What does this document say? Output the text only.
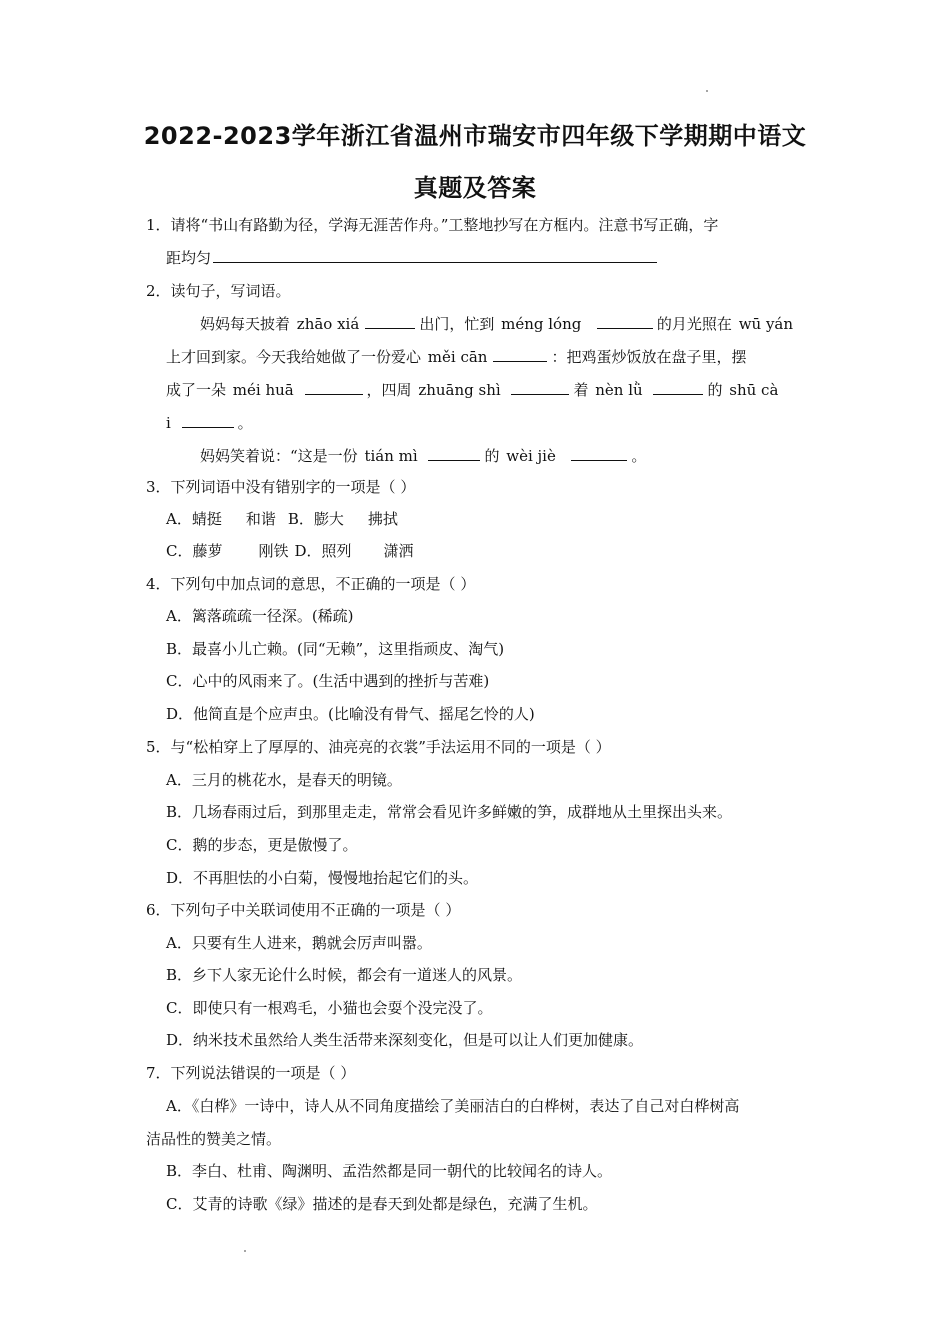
2022-2023学年浙江省温州市瑞安市四年级下学期期中语文
真题及答案
1．请将“书山有路勤为径，学海无涯苦作舟。”工整地抄写在方框内。注意书写正确，字
距均匀
2．读句子，写词语。
妈妈每天披着 zhāo xiá	出门，忙到 méng lóng	的月光照在 wū yán
上才回到家。今天我给她做了一份爱心 měi cān	：把鸡蛋炒饭放在盘子里，摆
成了一朵 méi huā	，四周 zhuāng shì	着 nèn lǜ	的 shū cà
i	。
妈妈笑着说：“这是一份 tián mì	的 wèi jiè	。
3．下列词语中没有错别字的一项是（ ）
A．蜻挺 和谐 B．膨大 拂拭
C．藤萝 刚铁 D．照列 潇洒
4．下列句中加点词的意思，不正确的一项是（ ）
A．篱落疏疏一径深。(稀疏)
B．最喜小儿亡赖。(同“无赖”，这里指顽皮、淘气)
C．心中的风雨来了。(生活中遇到的挫折与苦难)
D．他简直是个应声虫。(比喻没有骨气、摇尾乞怜的人)
5．与“松柏穿上了厚厚的、油亮亮的衣裳”手法运用不同的一项是（ ）
A．三月的桃花水，是春天的明镜。
B．几场春雨过后，到那里走走，常常会看见许多鲜嫩的笋，成群地从土里探出头来。
C．鹅的步态，更是傲慢了。
D．不再胆怯的小白菊，慢慢地抬起它们的头。
6．下列句子中关联词使用不正确的一项是（ ）
A．只要有生人进来，鹅就会厉声叫嚣。
B．乡下人家无论什么时候，都会有一道迷人的风景。
C．即使只有一根鸡毛，小猫也会耍个没完没了。
D．纳米技术虽然给人类生活带来深刻变化，但是可以让人们更加健康。
7．下列说法错误的一项是（ ）
A．《白桦》一诗中，诗人从不同角度描绘了美丽洁白的白桦树，表达了自己对白桦树高
洁品性的赞美之情。
B．李白、杜甫、陶渊明、孟浩然都是同一朝代的比较闻名的诗人。
C．艾青的诗歌《绿》描述的是春天到处都是绿色，充满了生机。
